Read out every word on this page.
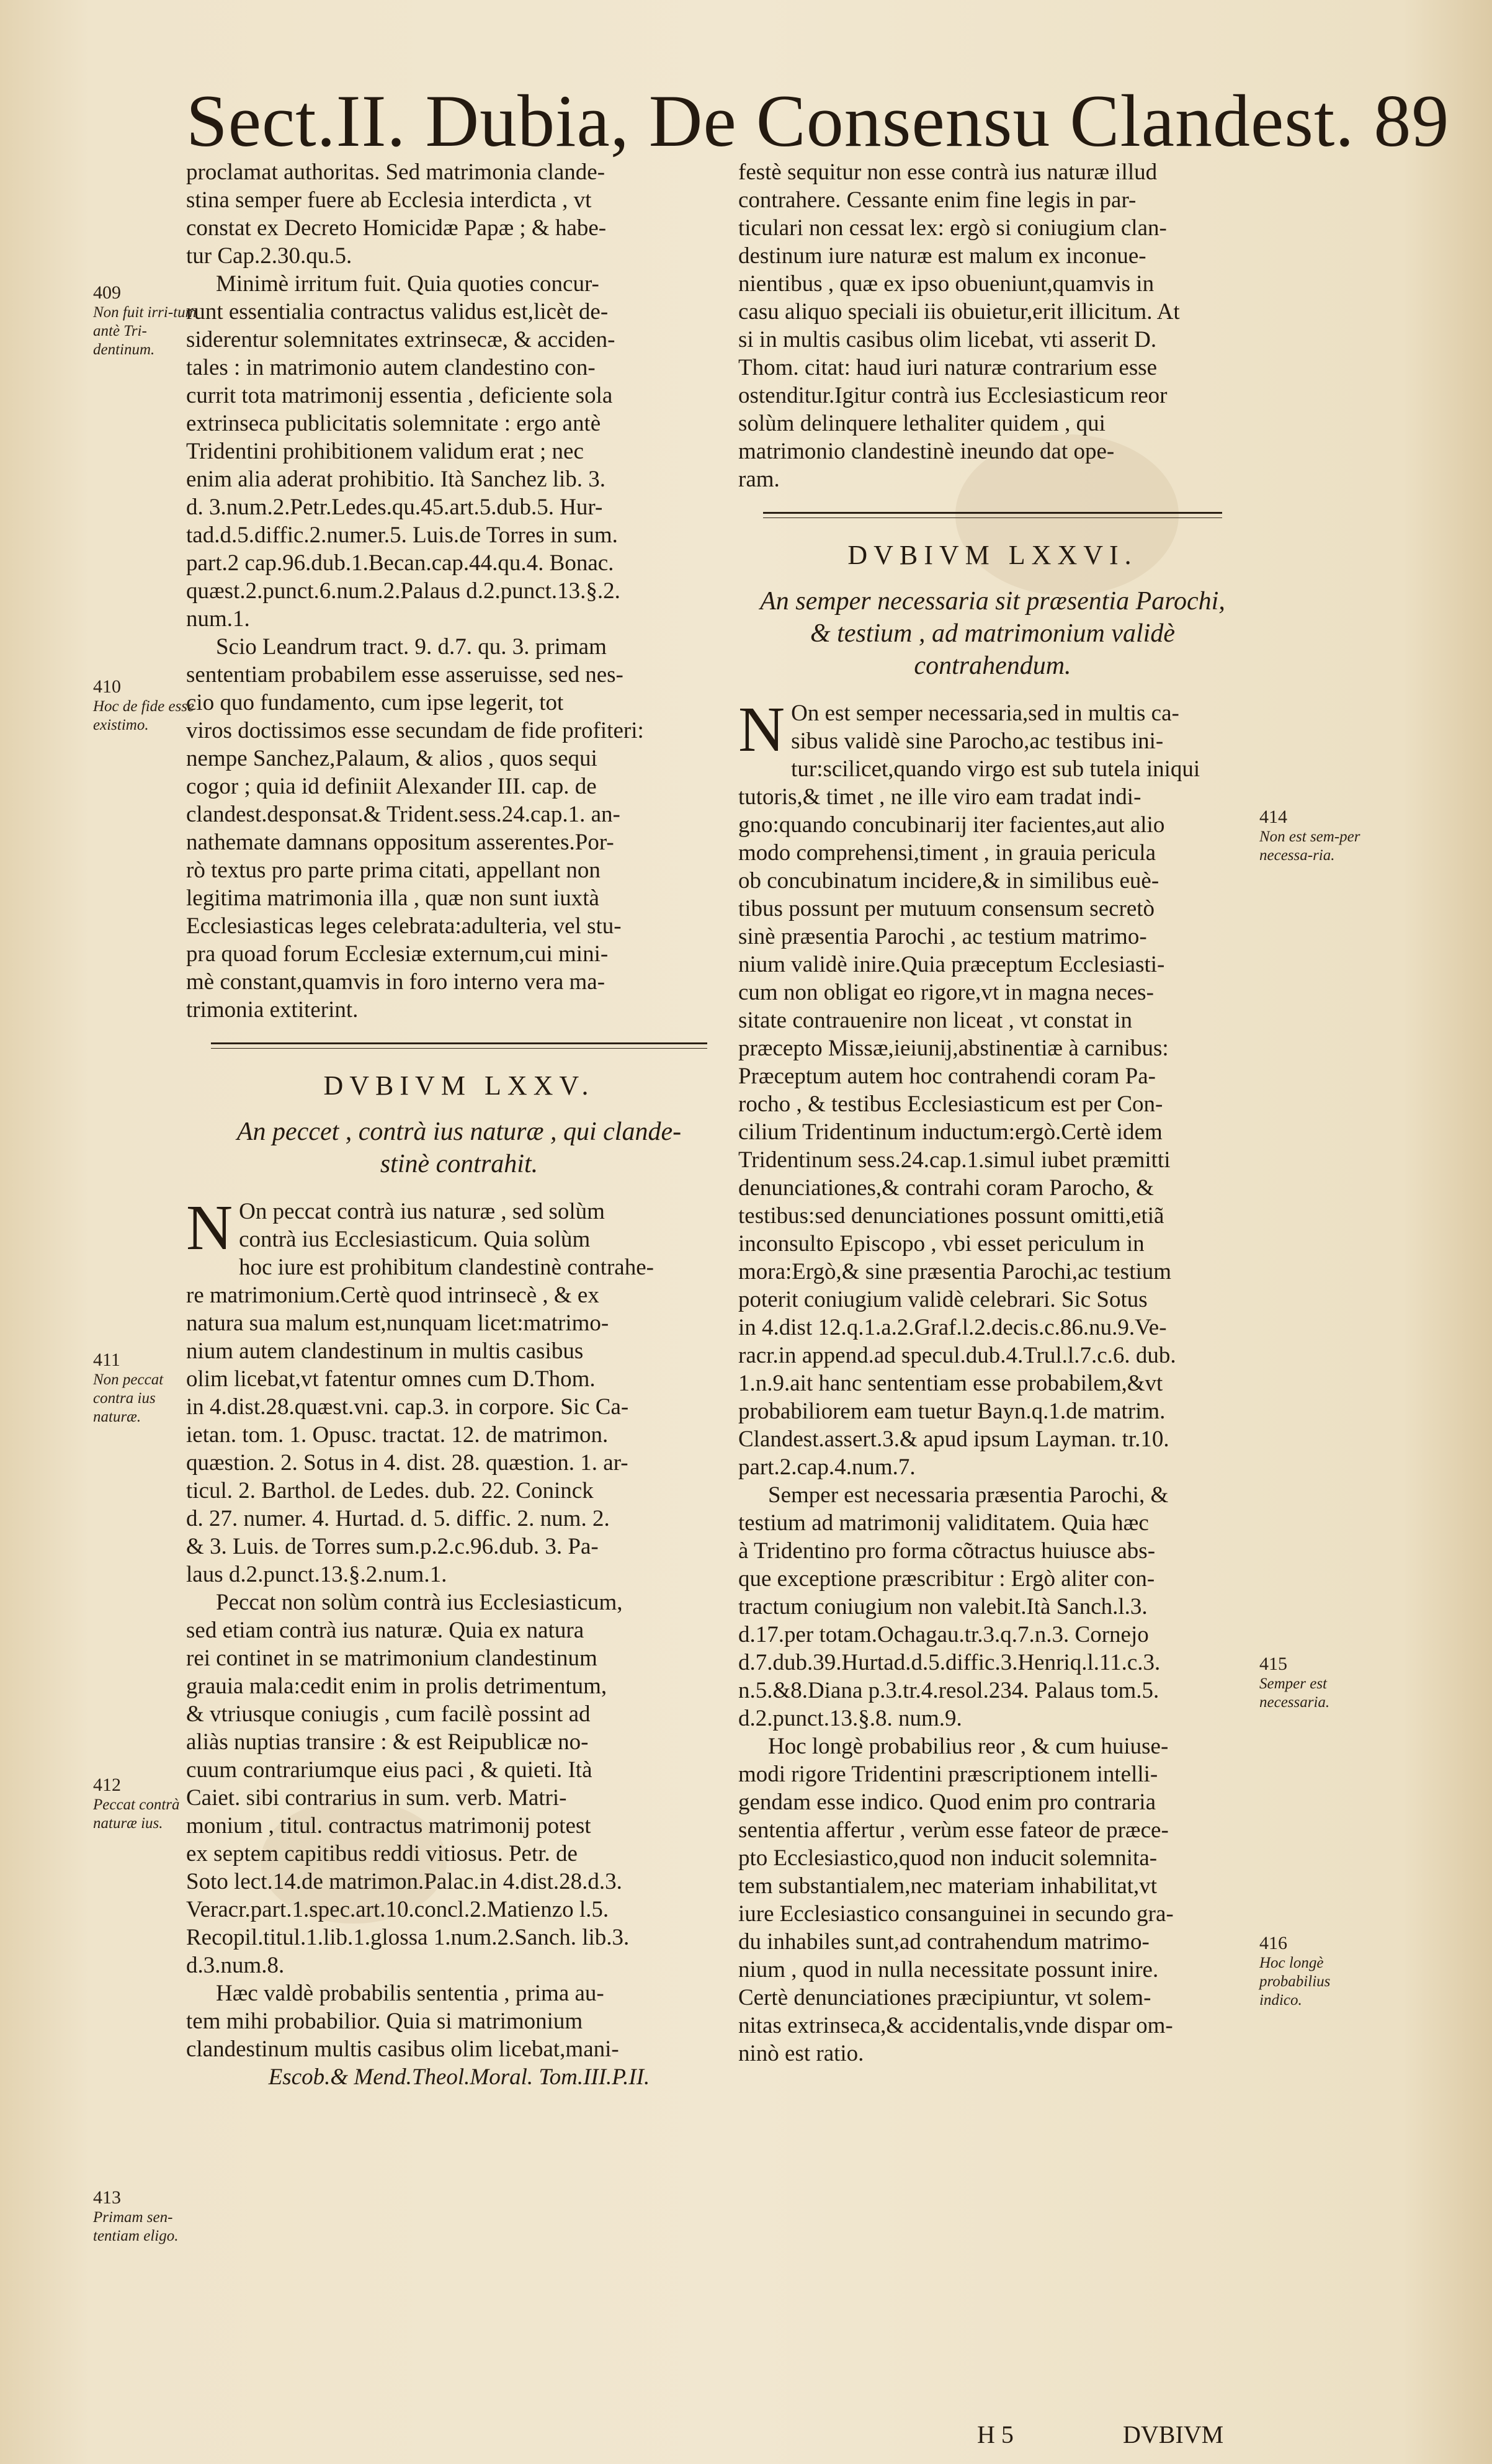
Sect.II. Dubia, De Consensu Clandest. 89
proclamat authoritas. Sed matrimonia clande-
stina semper fuere ab Ecclesia interdicta , vt
constat ex Decreto Homicidæ Papæ ; & habe-
tur Cap.2.30.qu.5.
Minimè irritum fuit. Quia quoties concur-
runt essentialia contractus validus est,licèt de-
siderentur solemnitates extrinsecæ, & acciden-
tales : in matrimonio autem clandestino con-
currit tota matrimonij essentia , deficiente sola
extrinseca publicitatis solemnitate : ergo antè
Tridentini prohibitionem validum erat ; nec
enim alia aderat prohibitio. Ità Sanchez lib. 3.
d. 3.num.2.Petr.Ledes.qu.45.art.5.dub.5. Hur-
tad.d.5.diffic.2.numer.5. Luis.de Torres in sum.
part.2 cap.96.dub.1.Becan.cap.44.qu.4. Bonac.
quæst.2.punct.6.num.2.Palaus d.2.punct.13.§.2.
num.1.
Scio Leandrum tract. 9. d.7. qu. 3. primam
sententiam probabilem esse asseruisse, sed nes-
cio quo fundamento, cum ipse legerit, tot
viros doctissimos esse secundam de fide profiteri:
nempe Sanchez,Palaum, & alios , quos sequi
cogor ; quia id definiit Alexander III. cap. de
clandest.desponsat.& Trident.sess.24.cap.1. an-
nathemate damnans oppositum asserentes.Por-
rò textus pro parte prima citati, appellant non
legitima matrimonia illa , quæ non sunt iuxtà
Ecclesiasticas leges celebrata:adulteria, vel stu-
pra quoad forum Ecclesiæ externum,cui mini-
mè constant,quamvis in foro interno vera ma-
trimonia extiterint.
DVBIVM LXXV.
An peccet , contrà ius naturæ , qui clande-
stinè contrahit.
N On peccat contrà ius naturæ , sed solùm
contrà ius Ecclesiasticum. Quia solùm
hoc iure est prohibitum clandestinè contrahe-
re matrimonium.Certè quod intrinsecè , & ex
natura sua malum est,nunquam licet:matrimo-
nium autem clandestinum in multis casibus
olim licebat,vt fatentur omnes cum D.Thom.
in 4.dist.28.quæst.vni. cap.3. in corpore. Sic Ca-
ietan. tom. 1. Opusc. tractat. 12. de matrimon.
quæstion. 2. Sotus in 4. dist. 28. quæstion. 1. ar-
ticul. 2. Barthol. de Ledes. dub. 22. Coninck
d. 27. numer. 4. Hurtad. d. 5. diffic. 2. num. 2.
& 3. Luis. de Torres sum.p.2.c.96.dub. 3. Pa-
laus d.2.punct.13.§.2.num.1.
Peccat non solùm contrà ius Ecclesiasticum,
sed etiam contrà ius naturæ. Quia ex natura
rei continet in se matrimonium clandestinum
grauia mala:cedit enim in prolis detrimentum,
& vtriusque coniugis , cum facilè possint ad
aliàs nuptias transire : & est Reipublicæ no-
cuum contrariumque eius paci , & quieti. Ità
Caiet. sibi contrarius in sum. verb. Matri-
monium , titul. contractus matrimonij potest
ex septem capitibus reddi vitiosus. Petr. de
Soto lect.14.de matrimon.Palac.in 4.dist.28.d.3.
Veracr.part.1.spec.art.10.concl.2.Matienzo l.5.
Recopil.titul.1.lib.1.glossa 1.num.2.Sanch. lib.3.
d.3.num.8.
Hæc valdè probabilis sententia , prima au-
tem mihi probabilior. Quia si matrimonium
clandestinum multis casibus olim licebat,mani-
Escob.& Mend.Theol.Moral. Tom.III.P.II.
festè sequitur non esse contrà ius naturæ illud
contrahere. Cessante enim fine legis in par-
ticulari non cessat lex: ergò si coniugium clan-
destinum iure naturæ est malum ex inconue-
nientibus , quæ ex ipso obueniunt,quamvis in
casu aliquo speciali iis obuietur,erit illicitum. At
si in multis casibus olim licebat, vti asserit D.
Thom. citat: haud iuri naturæ contrarium esse
ostenditur.Igitur contrà ius Ecclesiasticum reor
solùm delinquere lethaliter quidem , qui
matrimonio clandestinè ineundo dat ope-
ram.
DVBIVM LXXVI.
An semper necessaria sit præsentia Parochi,
& testium , ad matrimonium validè
contrahendum.
N On est semper necessaria,sed in multis ca-
sibus validè sine Parocho,ac testibus ini-
tur:scilicet,quando virgo est sub tutela iniqui
tutoris,& timet , ne ille viro eam tradat indi-
gno:quando concubinarij iter facientes,aut alio
modo comprehensi,timent , in grauia pericula
ob concubinatum incidere,& in similibus euè-
tibus possunt per mutuum consensum secretò
sinè præsentia Parochi , ac testium matrimo-
nium validè inire.Quia præceptum Ecclesiasti-
cum non obligat eo rigore,vt in magna neces-
sitate contrauenire non liceat , vt constat in
præcepto Missæ,ieiunij,abstinentiæ à carnibus:
Præceptum autem hoc contrahendi coram Pa-
rocho , & testibus Ecclesiasticum est per Con-
cilium Tridentinum inductum:ergò.Certè idem
Tridentinum sess.24.cap.1.simul iubet præmitti
denunciationes,& contrahi coram Parocho, &
testibus:sed denunciationes possunt omitti,etiã
inconsulto Episcopo , vbi esset periculum in
mora:Ergò,& sine præsentia Parochi,ac testium
poterit coniugium validè celebrari. Sic Sotus
in 4.dist 12.q.1.a.2.Graf.l.2.decis.c.86.nu.9.Ve-
racr.in append.ad specul.dub.4.Trul.l.7.c.6. dub.
1.n.9.ait hanc sententiam esse probabilem,&vt
probabiliorem eam tuetur Bayn.q.1.de matrim.
Clandest.assert.3.& apud ipsum Layman. tr.10.
part.2.cap.4.num.7.
Semper est necessaria præsentia Parochi, &
testium ad matrimonij validitatem. Quia hæc
à Tridentino pro forma cõtractus huiusce abs-
que exceptione præscribitur : Ergò aliter con-
tractum coniugium non valebit.Ità Sanch.l.3.
d.17.per totam.Ochagau.tr.3.q.7.n.3. Cornejo
d.7.dub.39.Hurtad.d.5.diffic.3.Henriq.l.11.c.3.
n.5.&8.Diana p.3.tr.4.resol.234. Palaus tom.5.
d.2.punct.13.§.8. num.9.
Hoc longè probabilius reor , & cum huiuse-
modi rigore Tridentini præscriptionem intelli-
gendam esse indico. Quod enim pro contraria
sententia affertur , verùm esse fateor de præce-
pto Ecclesiastico,quod non inducit solemnita-
tem substantialem,nec materiam inhabilitat,vt
iure Ecclesiastico consanguinei in secundo gra-
du inhabiles sunt,ad contrahendum matrimo-
nium , quod in nulla necessitate possunt inire.
Certè denunciationes præcipiuntur, vt solem-
nitas extrinseca,& accidentalis,vnde dispar om-
ninò est ratio.
H 5	DVBIVM
409
Non fuit irri-tum antè Tri-dentinum.
410
Hoc de fide esse existimo.
411
Non peccat contra ius naturæ.
412
Peccat contrà naturæ ius.
413
Primam sen-tentiam eligo.
414
Non est sem-per necessa-ria.
415
Semper est necessaria.
416
Hoc longè probabilius indico.
